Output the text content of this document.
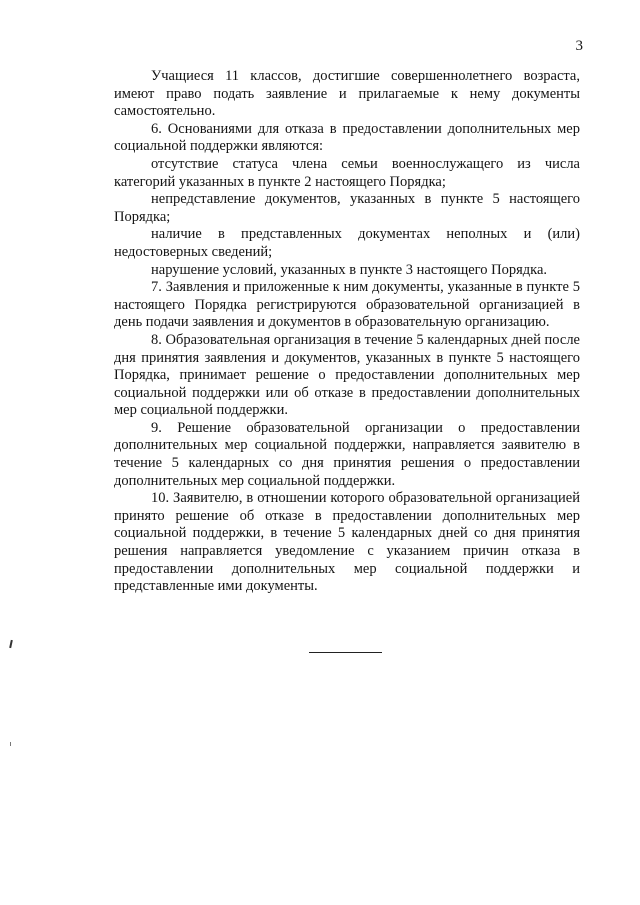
3

Учащиеся 11 классов, достигшие совершеннолетнего возраста, имеют право подать заявление и прилагаемые к нему документы самостоятельно.

6. Основаниями для отказа в предоставлении дополнительных мер социальной поддержки являются:

отсутствие статуса члена семьи военнослужащего из числа категорий указанных в пункте 2 настоящего Порядка;

непредставление документов, указанных в пункте 5 настоящего Порядка;

наличие в представленных документах неполных и (или) недостоверных сведений;

нарушение условий, указанных в пункте 3 настоящего Порядка.

7. Заявления и приложенные к ним документы, указанные в пункте 5 настоящего Порядка регистрируются образовательной организацией в день подачи заявления и документов в образовательную организацию.

8. Образовательная организация в течение 5 календарных дней после дня принятия заявления и документов, указанных в пункте 5 настоящего Порядка, принимает решение о предоставлении дополнительных мер социальной поддержки или об отказе в предоставлении дополнительных мер социальной поддержки.

9. Решение образовательной организации о предоставлении дополнительных мер социальной поддержки, направляется заявителю в течение 5 календарных со дня принятия решения о предоставлении дополнительных мер социальной поддержки.

10. Заявителю, в отношении которого образовательной организацией принято решение об отказе в предоставлении дополнительных мер социальной поддержки, в течение 5 календарных дней со дня принятия решения направляется уведомление с указанием причин отказа в предоставлении дополнительных мер социальной поддержки и представленные ими документы.
